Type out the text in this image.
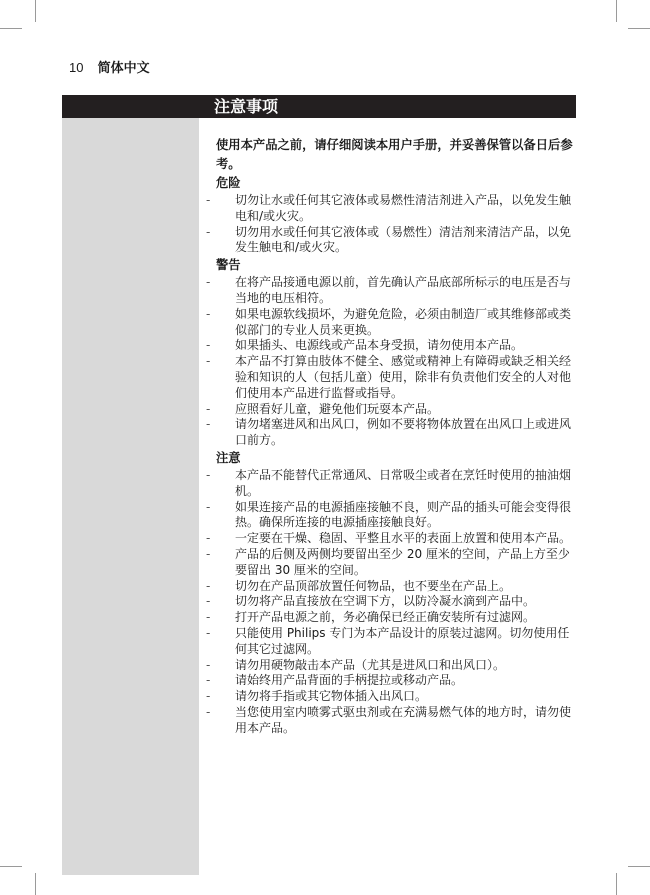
10 简体中文
注意事项

使用本产品之前，请仔细阅读本用户手册，并妥善保管以备日后参考。

危险
- 切勿让水或任何其它液体或易燃性清洁剂进入产品，以免发生触电和/或火灾。
- 切勿用水或任何其它液体或（易燃性）清洁剂来清洁产品，以免发生触电和/或火灾。
警告
- 在将产品接通电源以前，首先确认产品底部所标示的电压是否与当地的电压相符。
- 如果电源软线损坏，为避免危险，必须由制造厂或其维修部或类似部门的专业人员来更换。
- 如果插头、电源线或产品本身受损，请勿使用本产品。
- 本产品不打算由肢体不健全、感觉或精神上有障碍或缺乏相关经验和知识的人（包括儿童）使用，除非有负责他们安全的人对他们使用本产品进行监督或指导。
- 应照看好儿童，避免他们玩耍本产品。
- 请勿堵塞进风和出风口，例如不要将物体放置在出风口上或进风口前方。
注意
- 本产品不能替代正常通风、日常吸尘或者在烹饪时使用的抽油烟机。
- 如果连接产品的电源插座接触不良，则产品的插头可能会变得很热。确保所连接的电源插座接触良好。
- 一定要在干燥、稳固、平整且水平的表面上放置和使用本产品。
- 产品的后侧及两侧均要留出至少 20 厘米的空间，产品上方至少要留出 30 厘米的空间。
- 切勿在产品顶部放置任何物品，也不要坐在产品上。
- 切勿将产品直接放在空调下方，以防冷凝水滴到产品中。
- 打开产品电源之前，务必确保已经正确安装所有过滤网。
- 只能使用 Philips 专门为本产品设计的原装过滤网。切勿使用任何其它过滤网。
- 请勿用硬物敲击本产品（尤其是进风口和出风口）。
- 请始终用产品背面的手柄提拉或移动产品。
- 请勿将手指或其它物体插入出风口。
- 当您使用室内喷雾式驱虫剂或在充满易燃气体的地方时，请勿使用本产品。
